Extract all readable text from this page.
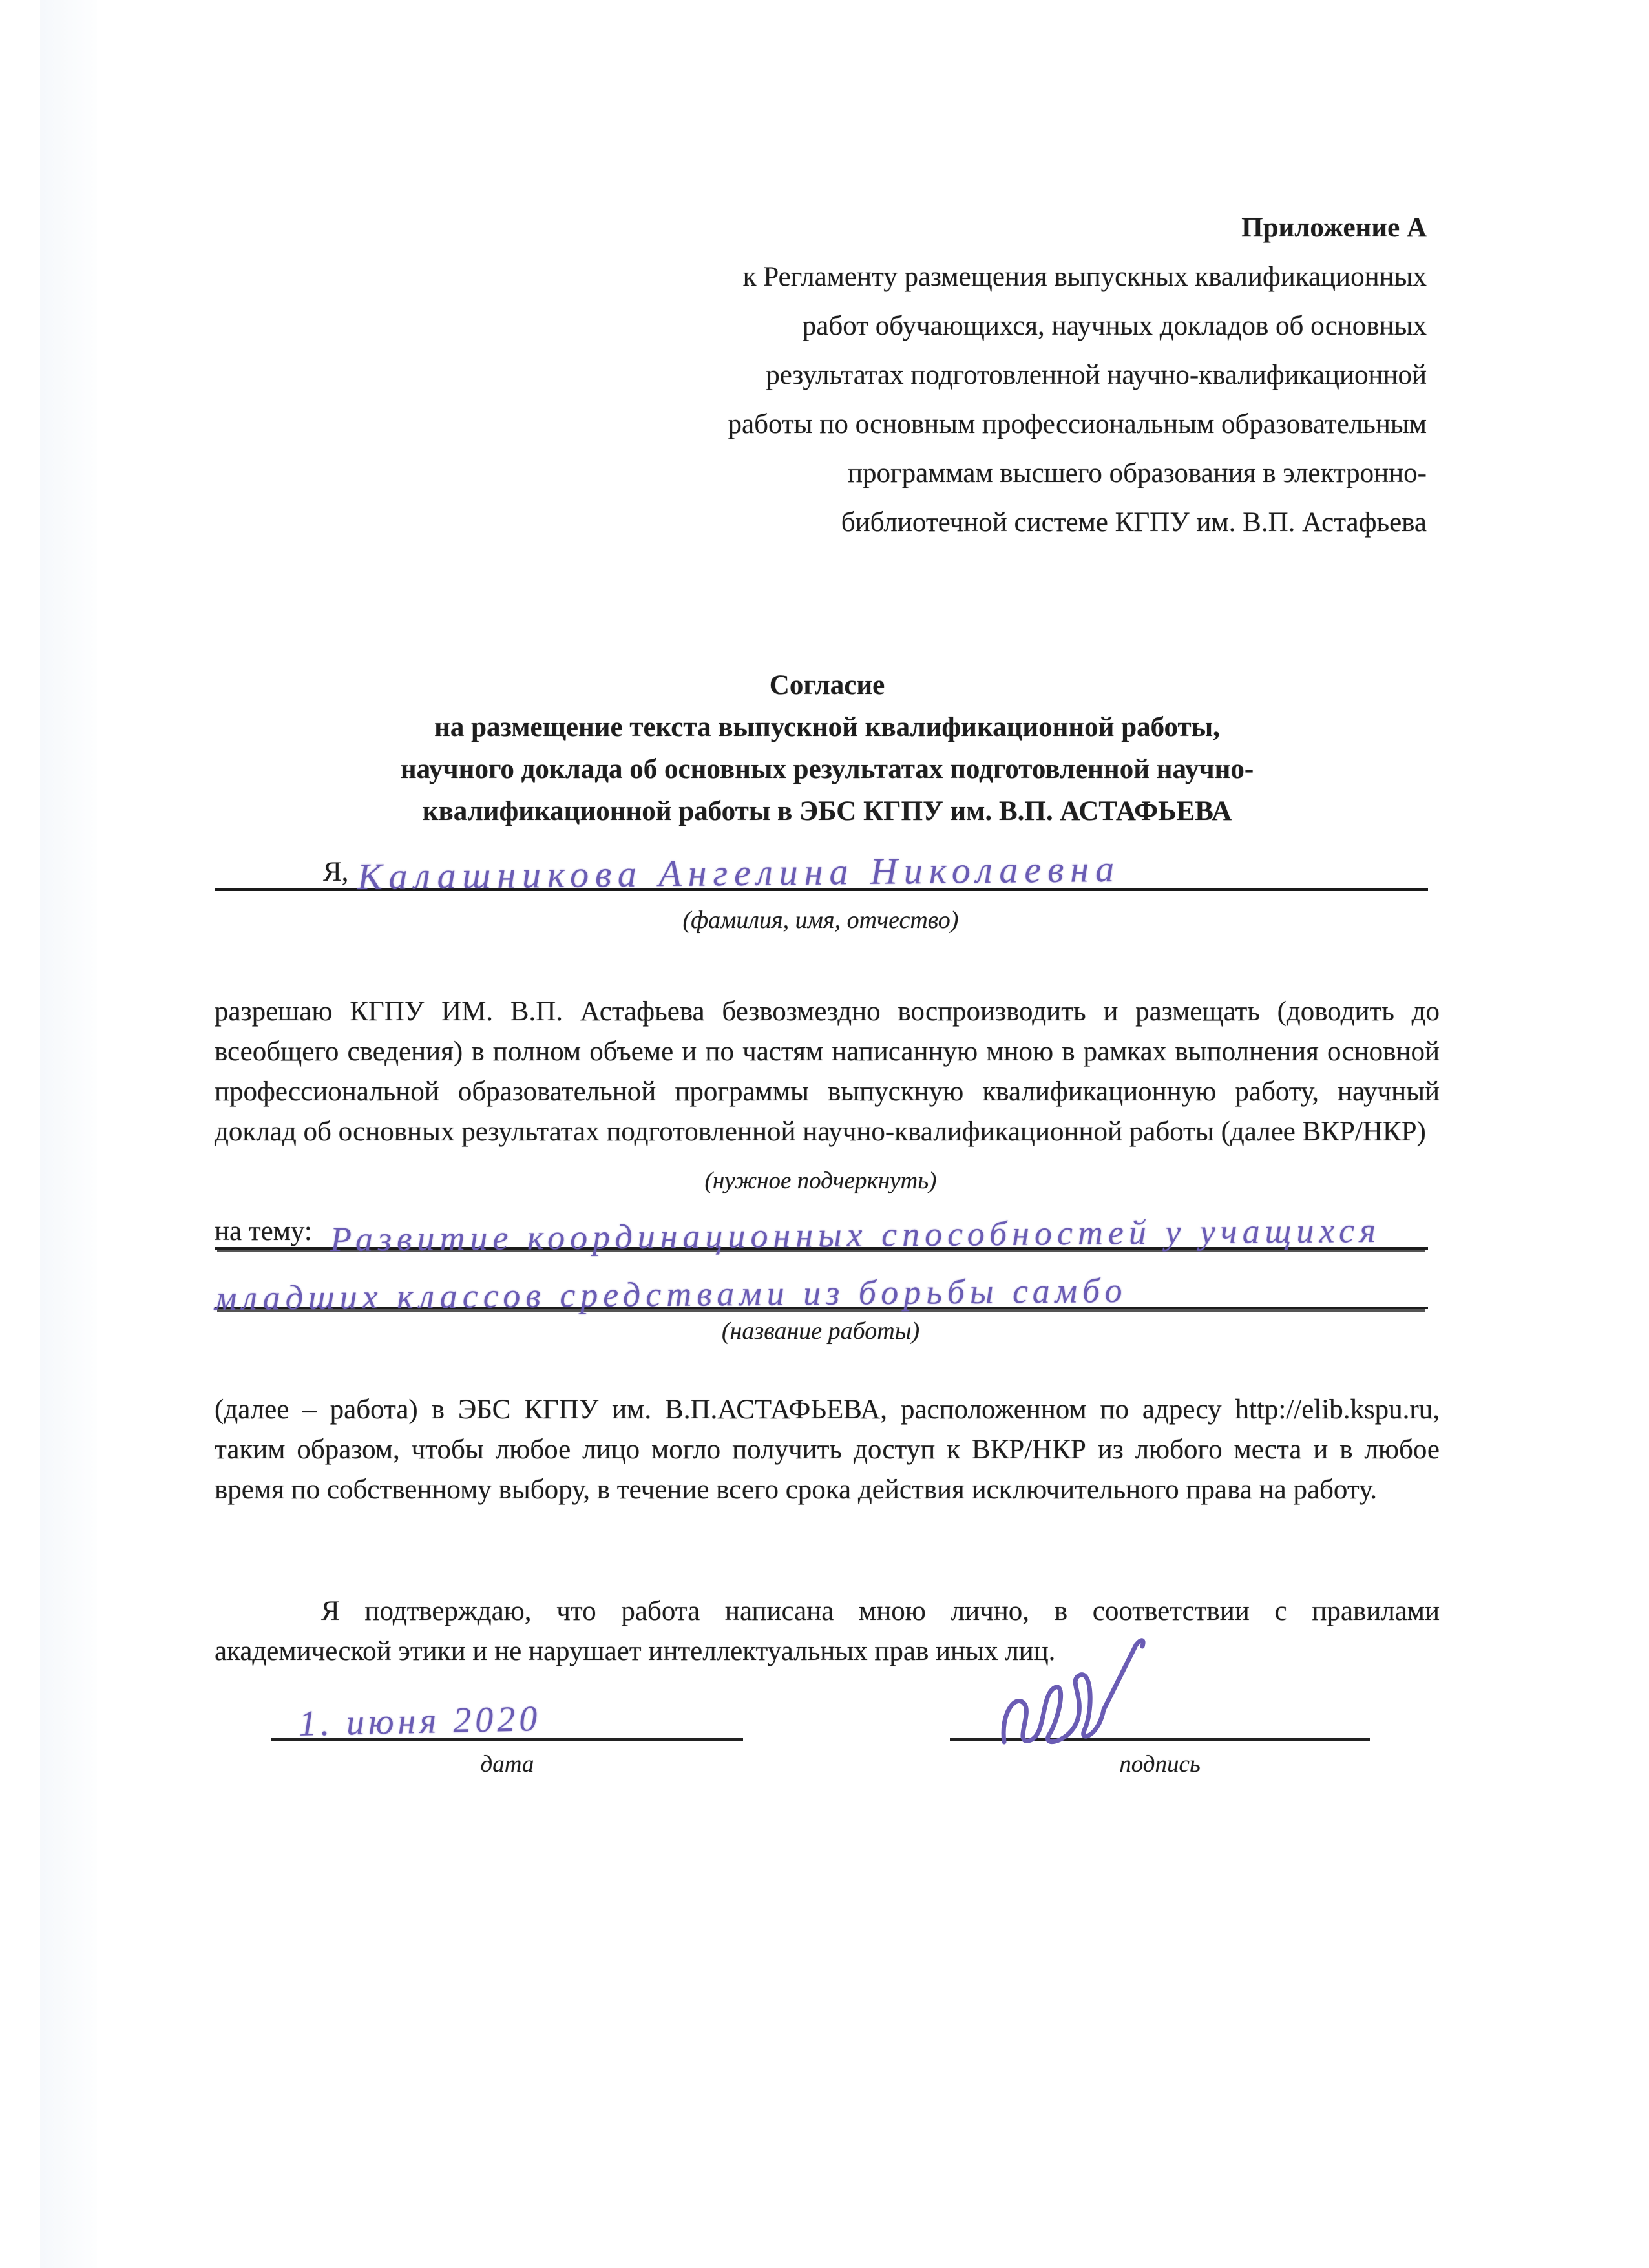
Приложение А
к Регламенту размещения выпускных квалификационных
работ обучающихся, научных докладов об основных
результатах подготовленной научно-квалификационной
работы по основным профессиональным образовательным
программам высшего образования в электронно-
библиотечной системе КГПУ им. В.П. Астафьева
Согласие
на размещение текста выпускной квалификационной работы,
научного доклада об основных результатах подготовленной научно-
квалификационной работы в ЭБС КГПУ им. В.П. АСТАФЬЕВА
Я, Калашникова Ангелина Николаевна
(фамилия, имя, отчество)

разрешаю КГПУ ИМ. В.П. Астафьева безвозмездно воспроизводить и размещать (доводить до всеобщего сведения) в полном объеме и по частям написанную мною в рамках выполнения основной профессиональной образовательной программы выпускную квалификационную работу, научный доклад об основных результатах подготовленной научно-квалификационной работы (далее ВКР/НКР)

(нужное подчеркнуть)
на тему: Развитие координационных способностей у учащихся
младших классов средствами из борьбы самбо
(название работы)

(далее – работа) в ЭБС КГПУ им. В.П.АСТАФЬЕВА, расположенном по адресу http://elib.kspu.ru, таким образом, чтобы любое лицо могло получить доступ к ВКР/НКР из любого места и в любое время по собственному выбору, в течение всего срока действия исключительного права на работу.

Я подтверждаю, что работа написана мною лично, в соответствии с правилами академической этики и не нарушает интеллектуальных прав иных лиц.

1. июня 2020
дата	подпись
